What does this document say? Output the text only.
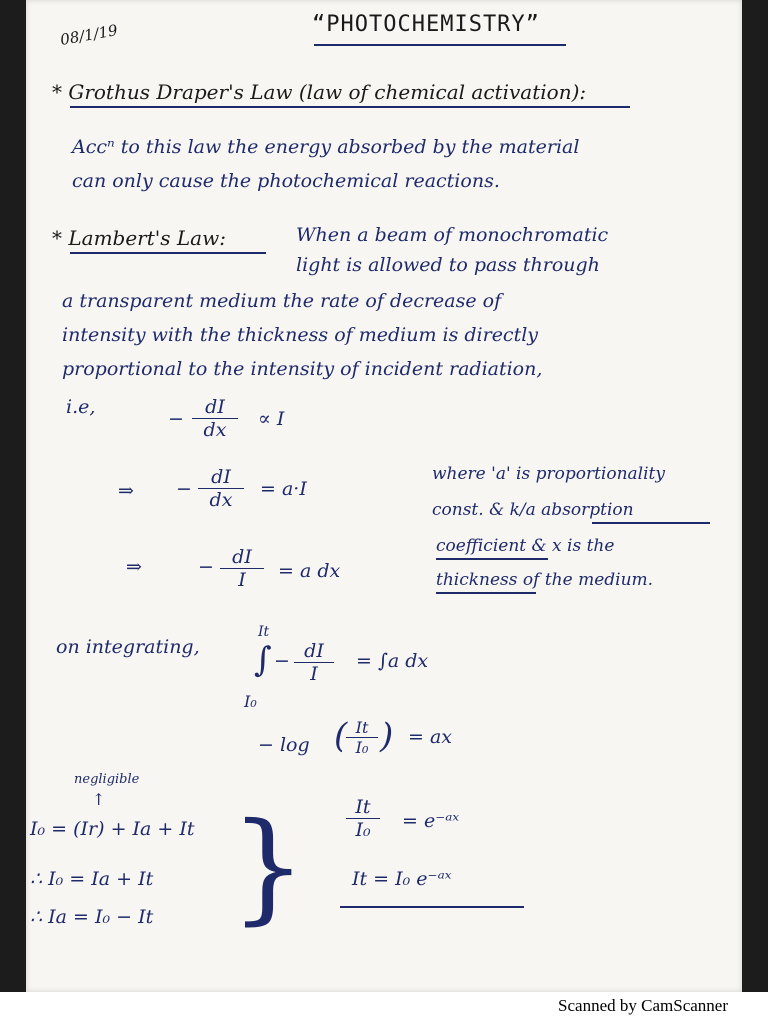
08/1/19	“PHOTOCHEMISTRY”
* Grothus Draper's Law (law of chemical activation):
Accⁿ to this law the energy absorbed by the material
can only cause the photochemical reactions.
* Lambert's Law:	When a beam of monochromatic
light is allowed to pass through
a transparent medium the rate of decrease of
intensity with the thickness of medium is directly
proportional to the intensity of incident radiation,
i.e,
− $\frac{dI}{dx} \propto I$
⇒ − $\frac{dI}{dx} = a\cdot I$
⇒	− $\frac{dI}{I} = a$ dx
where 'a' is proportionality
const. & k/a absorption
coefficient & x is the
thickness of the medium.
on integrating,
It
∫
I₀
− $\frac{dI}{I} = \int a$ dx
− log (
$\frac{It}{\text{I₀}}$ ) = ax
negligible
↑
I₀ = (Ir) + Ia + It
∴ I₀ = Ia + It
∴ Ia = I₀ − It } $\frac{It}{\text{I₀}}$ = e⁻ᵃˣ
It = I₀ e⁻ᵃˣ
Scanned by CamScanner
